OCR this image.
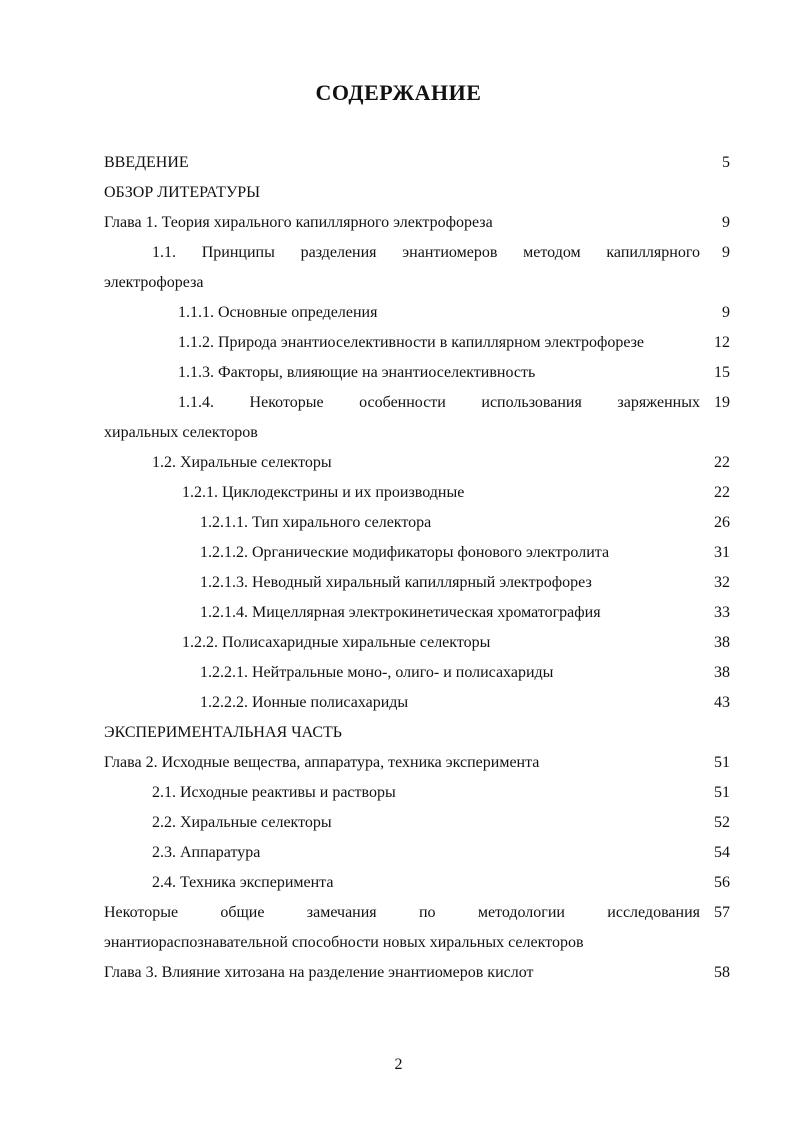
СОДЕРЖАНИЕ
ВВЕДЕНИЕ	5
ОБЗОР ЛИТЕРАТУРЫ
Глава 1. Теория хирального капиллярного электрофореза	9
1.1. Принципы разделения энантиомеров методом капиллярного	9
электрофореза
1.1.1. Основные определения	9
1.1.2. Природа энантиоселективности в капиллярном электрофорезе	12
1.1.3. Факторы, влияющие на энантиоселективность	15
1.1.4. Некоторые особенности использования заряженных 19
хиральных селекторов
1.2. Хиральные селекторы	22
1.2.1. Циклодекстрины и их производные	22
1.2.1.1. Тип хирального селектора	26
1.2.1.2. Органические модификаторы фонового электролита	31
1.2.1.3. Неводный хиральный капиллярный электрофорез	32
1.2.1.4. Мицеллярная электрокинетическая хроматография	33
1.2.2. Полисахаридные хиральные селекторы	38
1.2.2.1. Нейтральные моно-, олиго- и полисахариды	38
1.2.2.2. Ионные полисахариды	43
ЭКСПЕРИМЕНТАЛЬНАЯ ЧАСТЬ
Глава 2. Исходные вещества, аппаратура, техника эксперимента	51
2.1. Исходные реактивы и растворы	51
2.2. Хиральные селекторы	52
2.3. Аппаратура	54
2.4. Техника эксперимента	56
Некоторые общие замечания по методологии исследования 57
энантиораспознавательной способности новых хиральных селекторов
Глава 3. Влияние хитозана на разделение энантиомеров кислот	58
2
